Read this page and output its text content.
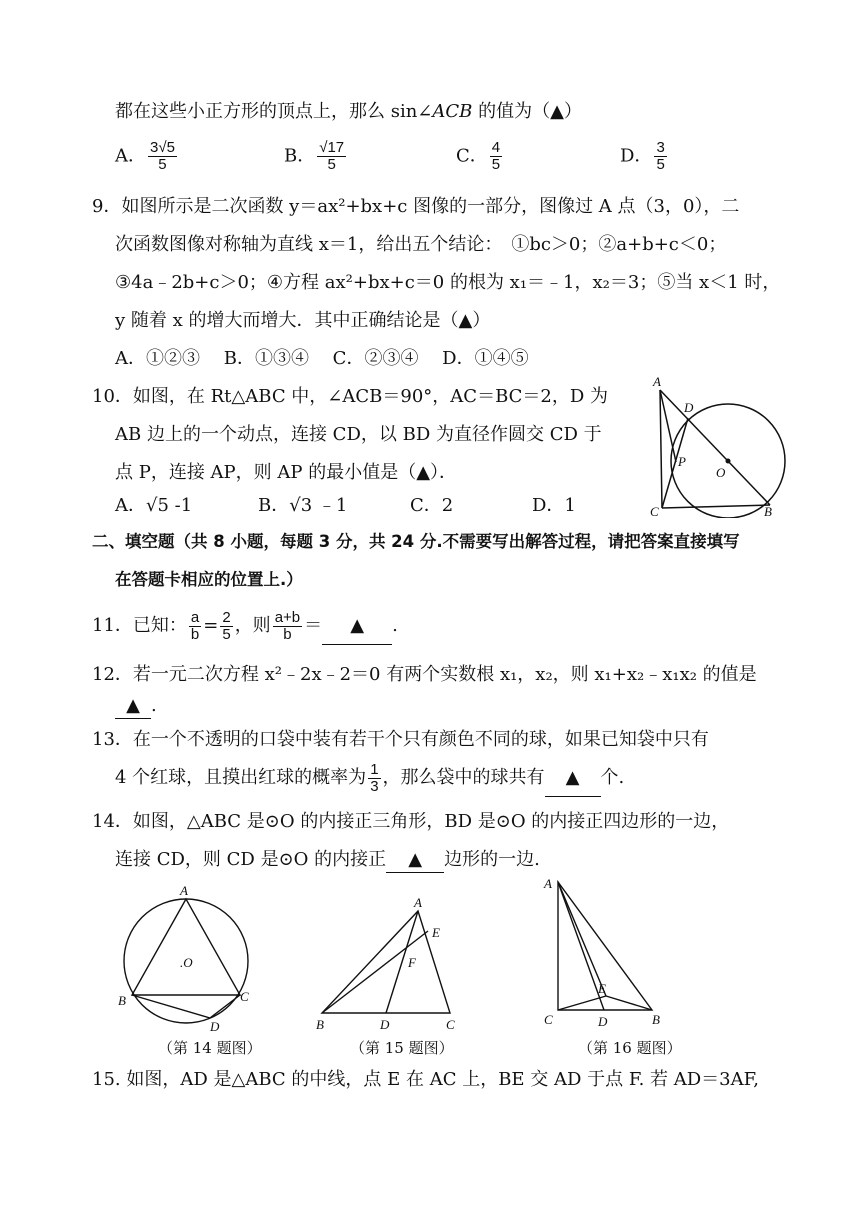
都在这些小正方形的顶点上，那么 sin∠ACB 的值为（▲）
A． $\frac{3√5}{5}$	B． $\frac{√17}{5}$	C． $\frac{4}{5}$	D． $\frac{3}{5}$
9．如图所示是二次函数 y＝ax²+bx+c 图像的一部分，图像过 A 点（3，0），二
次函数图像对称轴为直线 x＝1，给出五个结论：　①bc＞0；②a+b+c＜0；
③4a﹣2b+c＞0；④方程 ax²+bx+c＝0 的根为 x₁＝﹣1，x₂＝3；⑤当 x＜1 时，
y 随着 x 的增大而增大．其中正确结论是（▲）
A．①②③　 B．①③④　 C．②③④　 D．①④⑤
10．如图，在 Rt△ABC 中，∠ACB＝90°，AC＝BC＝2，D 为
AB 边上的一个动点，连接 CD，以 BD 为直径作圆交 CD 于
点 P，连接 AP，则 AP 的最小值是（▲）．
A．√5 -1	B．√3 ﹣1	C．2	D．1
A
D
P
O
C	B
二、填空题（共 8 小题，每题 3 分，共 24 分.不需要写出解答过程，请把答案直接填写
在答题卡相应的位置上.）
11．已知： $\frac{a}{b} = \frac{2}{5}$ ，则 $\frac{a+b}{b}$ ＝ ▲ .
12．若一元二次方程 x²﹣2x﹣2＝0 有两个实数根 x₁，x₂，则 x₁+x₂﹣x₁x₂ 的值是
▲ .
13．在一个不透明的口袋中装有若干个只有颜色不同的球，如果已知袋中只有
4 个红球，且摸出红球的概率为 $\frac{1}{3}$ ，那么袋中的球共有 ▲ 个.
14．如图，△ABC 是⊙O 的内接正三角形，BD 是⊙O 的内接正四边形的一边，
连接 CD，则 CD 是⊙O 的内接正 ▲ 边形的一边.
A
.O
B	C
D
（第 14 题图）
A
E
F
B	D	C
（第 15 题图）
A
E
C	D	B
（第 16 题图）
15. 如图，AD 是△ABC 的中线，点 E 在 AC 上，BE 交 AD 于点 F. 若 AD＝3AF,
